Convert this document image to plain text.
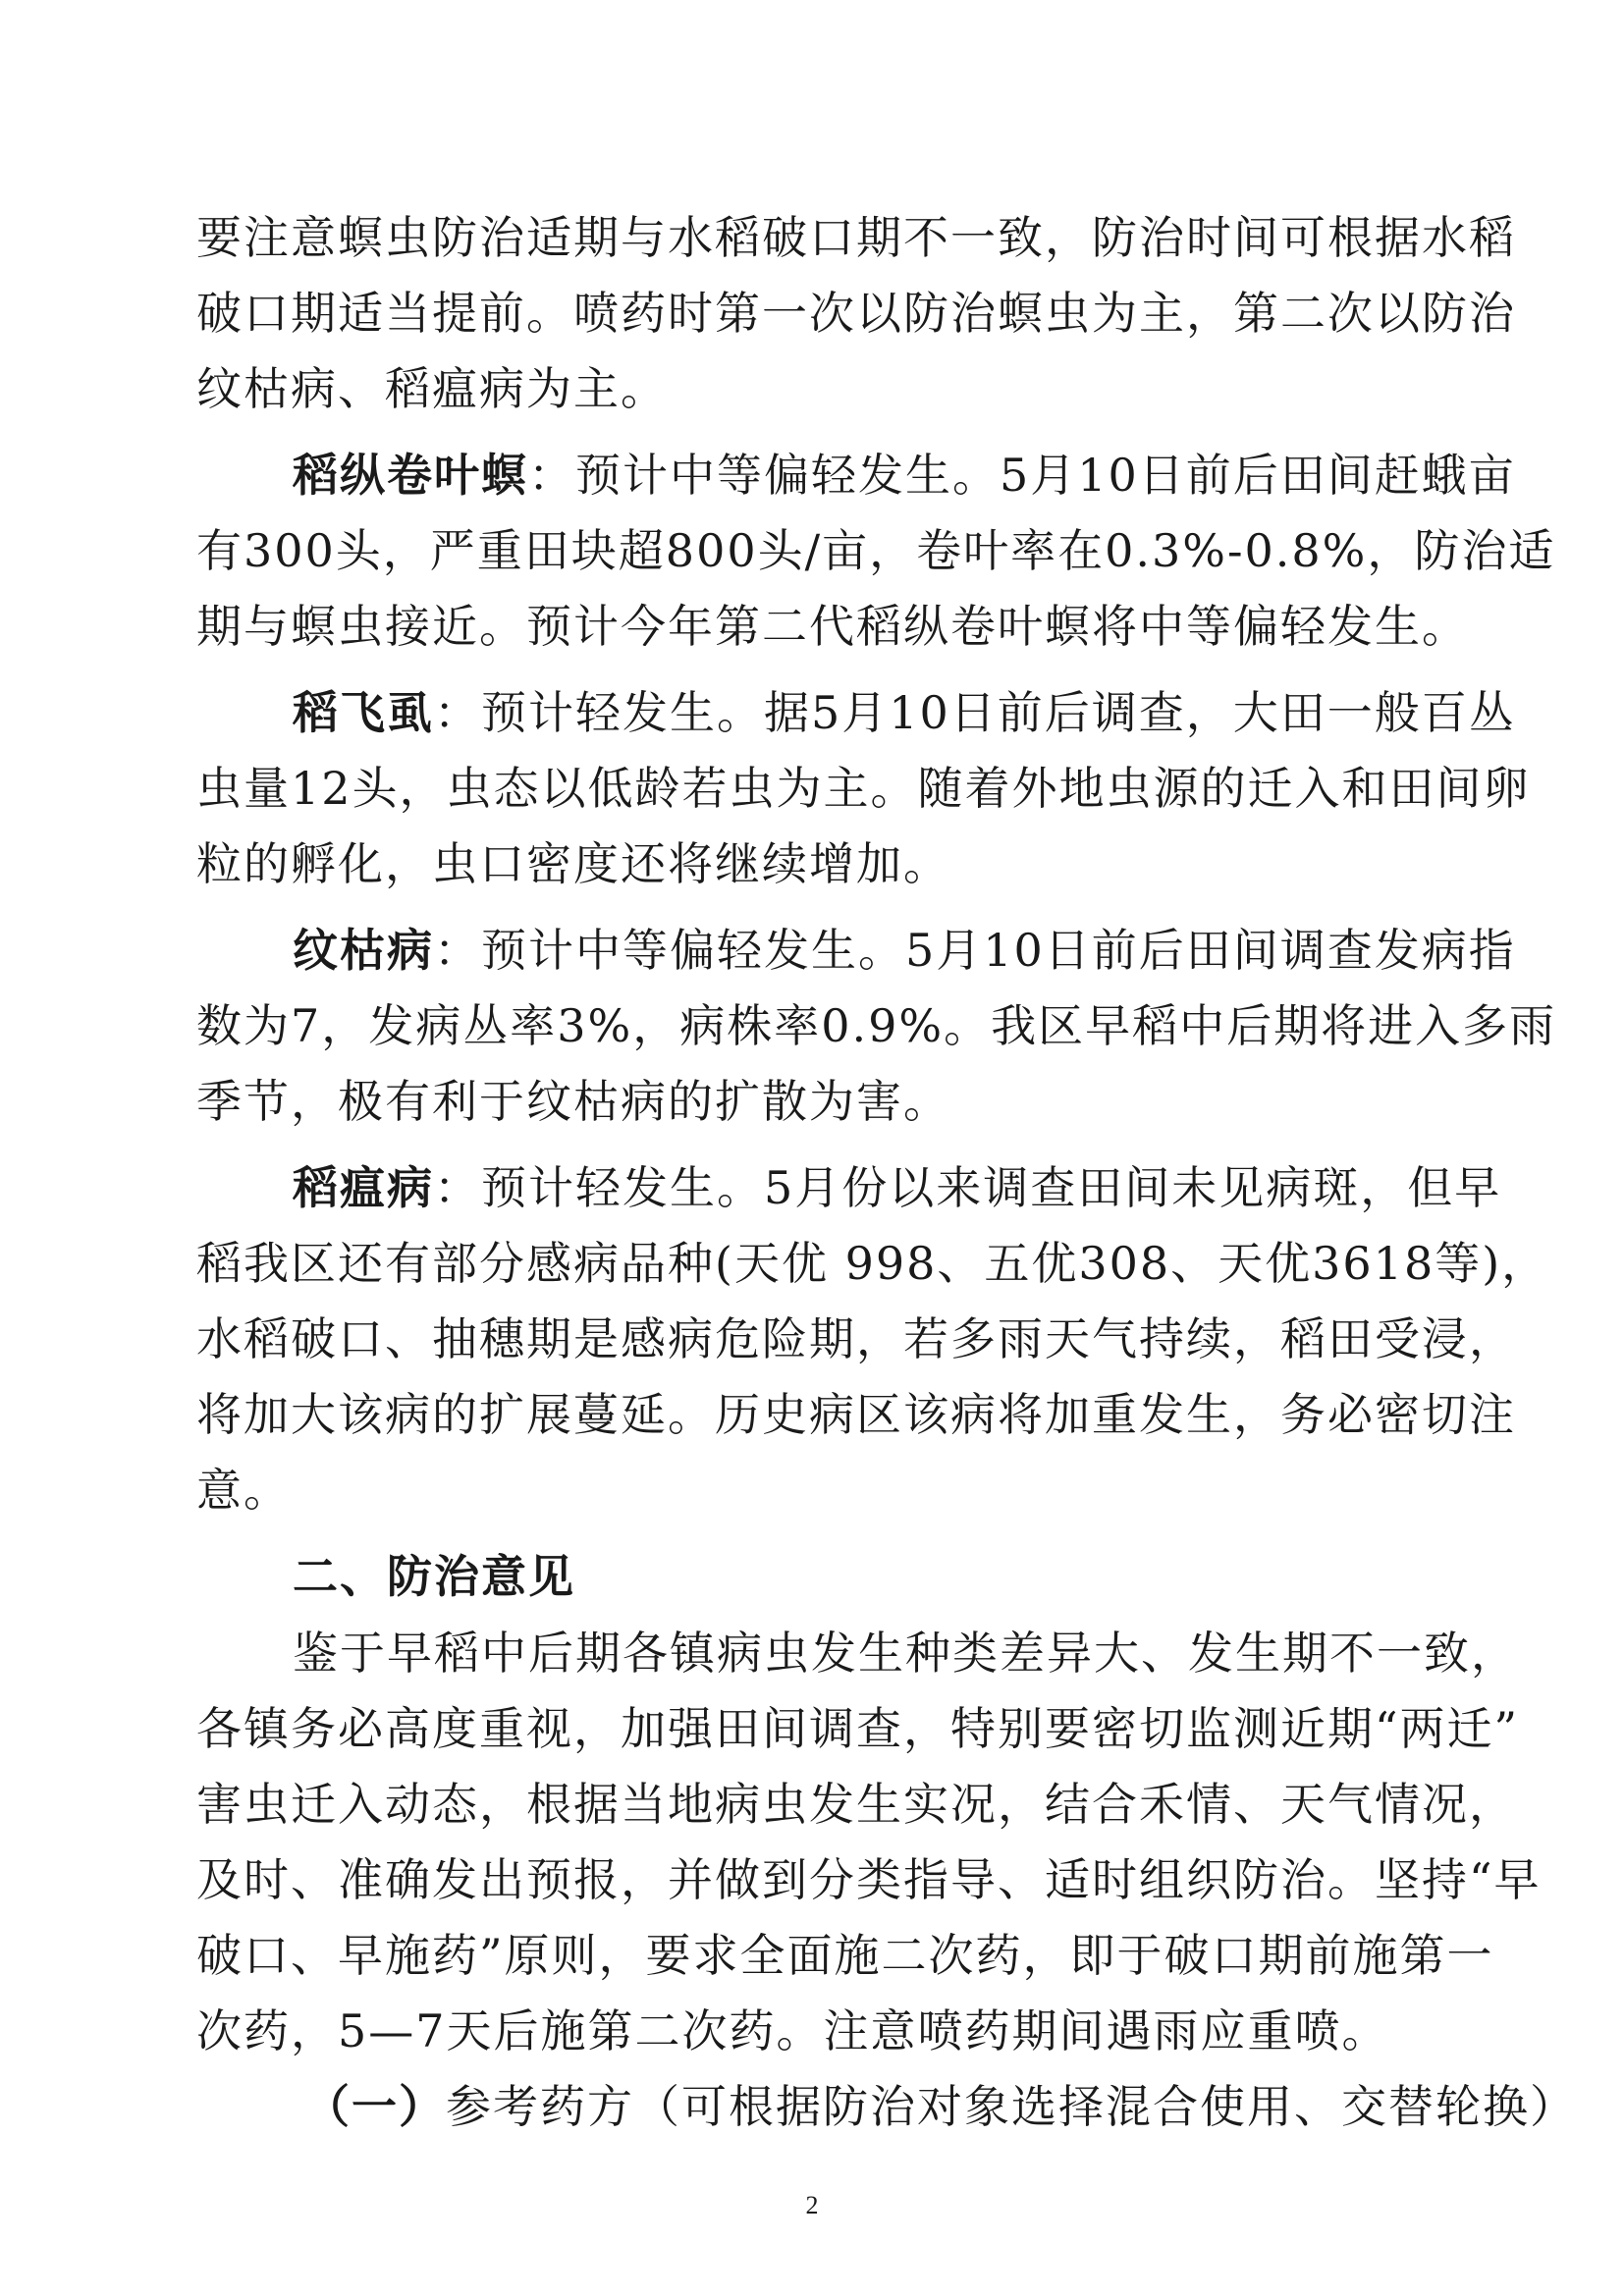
要注意螟虫防治适期与水稻破口期不一致，防治时间可根据水稻
破口期适当提前。喷药时第一次以防治螟虫为主，第二次以防治
纹枯病、稻瘟病为主。
稻纵卷叶螟：预计中等偏轻发生。5月10日前后田间赶蛾亩
有300头，严重田块超800头/亩，卷叶率在0.3%-0.8%，防治适
期与螟虫接近。预计今年第二代稻纵卷叶螟将中等偏轻发生。
稻飞虱：预计轻发生。据5月10日前后调查，大田一般百丛
虫量12头，虫态以低龄若虫为主。随着外地虫源的迁入和田间卵
粒的孵化，虫口密度还将继续增加。
纹枯病：预计中等偏轻发生。5月10日前后田间调查发病指
数为7，发病丛率3%，病株率0.9%。我区早稻中后期将进入多雨
季节，极有利于纹枯病的扩散为害。
稻瘟病：预计轻发生。5月份以来调查田间未见病斑，但早
稻我区还有部分感病品种(天优 998、五优308、天优3618等)，
水稻破口、抽穗期是感病危险期，若多雨天气持续，稻田受浸，
将加大该病的扩展蔓延。历史病区该病将加重发生，务必密切注
意。
二、防治意见
鉴于早稻中后期各镇病虫发生种类差异大、发生期不一致，
各镇务必高度重视，加强田间调查，特别要密切监测近期“两迁”
害虫迁入动态，根据当地病虫发生实况，结合禾情、天气情况，
及时、准确发出预报，并做到分类指导、适时组织防治。坚持“早
破口、早施药”原则，要求全面施二次药，即于破口期前施第一
次药，5—7天后施第二次药。注意喷药期间遇雨应重喷。
（一）参考药方（可根据防治对象选择混合使用、交替轮换）
2
